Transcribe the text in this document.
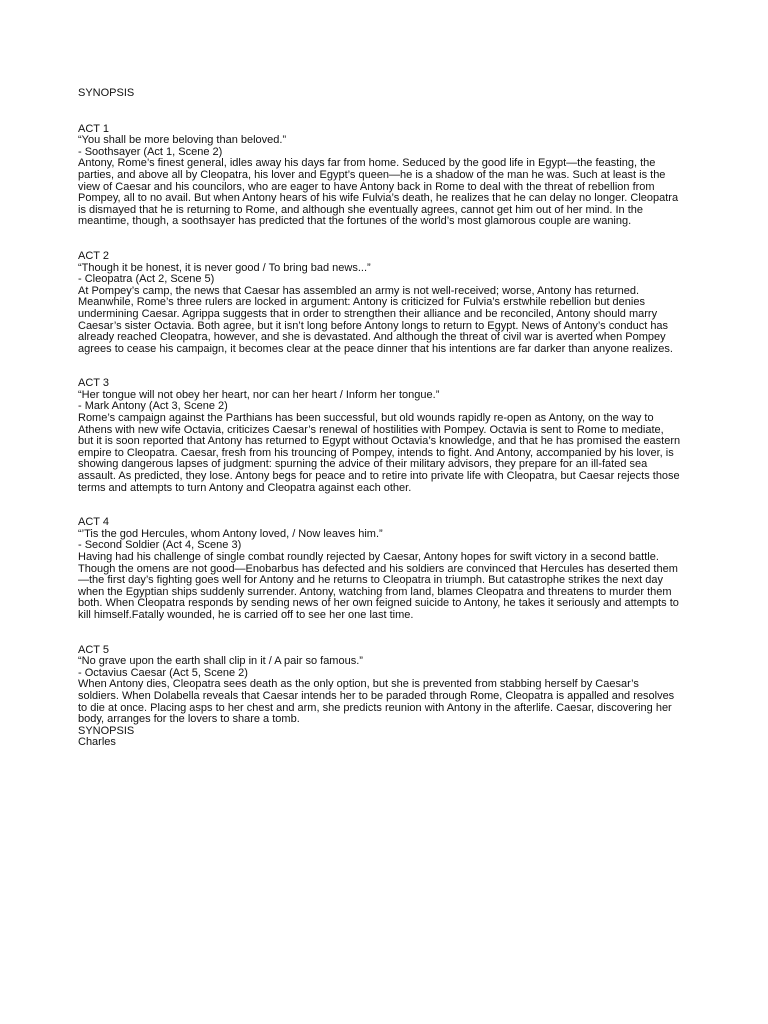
SYNOPSIS
ACT 1
“You shall be more beloving than beloved.”
- Soothsayer (Act 1, Scene 2)

Antony, Rome’s finest general, idles away his days far from home. Seduced by the good life in Egypt—the feasting, the parties, and above all by Cleopatra, his lover and Egypt’s queen—he is a shadow of the man he was. Such at least is the view of Caesar and his councilors, who are eager to have Antony back in Rome to deal with the threat of rebellion from Pompey, all to no avail. But when Antony hears of his wife Fulvia’s death, he realizes that he can delay no longer. Cleopatra is dismayed that he is returning to Rome, and although she eventually agrees, cannot get him out of her mind. In the meantime, though, a soothsayer has predicted that the fortunes of the world’s most glamorous couple are waning.

ACT 2
“Though it be honest, it is never good / To bring bad news...”
- Cleopatra (Act 2, Scene 5)

At Pompey’s camp, the news that Caesar has assembled an army is not well-received; worse, Antony has returned. Meanwhile, Rome’s three rulers are locked in argument: Antony is criticized for Fulvia’s erstwhile rebellion but denies undermining Caesar. Agrippa suggests that in order to strengthen their alliance and be reconciled, Antony should marry Caesar’s sister Octavia. Both agree, but it isn’t long before Antony longs to return to Egypt. News of Antony’s conduct has already reached Cleopatra, however, and she is devastated. And although the threat of civil war is averted when Pompey agrees to cease his campaign, it becomes clear at the peace dinner that his intentions are far darker than anyone realizes.

ACT 3
“Her tongue will not obey her heart, nor can her heart / Inform her tongue.”
- Mark Antony (Act 3, Scene 2)

Rome’s campaign against the Parthians has been successful, but old wounds rapidly re-open as Antony, on the way to Athens with new wife Octavia, criticizes Caesar’s renewal of hostilities with Pompey. Octavia is sent to Rome to mediate, but it is soon reported that Antony has returned to Egypt without Octavia’s knowledge, and that he has promised the eastern empire to Cleopatra. Caesar, fresh from his trouncing of Pompey, intends to fight. And Antony, accompanied by his lover, is showing dangerous lapses of judgment: spurning the advice of their military advisors, they prepare for an ill-fated sea assault. As predicted, they lose. Antony begs for peace and to retire into private life with Cleopatra, but Caesar rejects those terms and attempts to turn Antony and Cleopatra against each other.

ACT 4
“’Tis the god Hercules, whom Antony loved, / Now leaves him.”
- Second Soldier (Act 4, Scene 3)

Having had his challenge of single combat roundly rejected by Caesar, Antony hopes for swift victory in a second battle. Though the omens are not good—Enobarbus has defected and his soldiers are convinced that Hercules has deserted them—the first day’s fighting goes well for Antony and he returns to Cleopatra in triumph. But catastrophe strikes the next day when the Egyptian ships suddenly surrender. Antony, watching from land, blames Cleopatra and threatens to murder them both. When Cleopatra responds by sending news of her own feigned suicide to Antony, he takes it seriously and attempts to kill himself.Fatally wounded, he is carried off to see her one last time.

ACT 5
“No grave upon the earth shall clip in it / A pair so famous.”
- Octavius Caesar (Act 5, Scene 2)

When Antony dies, Cleopatra sees death as the only option, but she is prevented from stabbing herself by Caesar’s soldiers. When Dolabella reveals that Caesar intends her to be paraded through Rome, Cleopatra is appalled and resolves to die at once. Placing asps to her chest and arm, she predicts reunion with Antony in the afterlife. Caesar, discovering her body, arranges for the lovers to share a tomb.

SYNOPSIS
Charles
